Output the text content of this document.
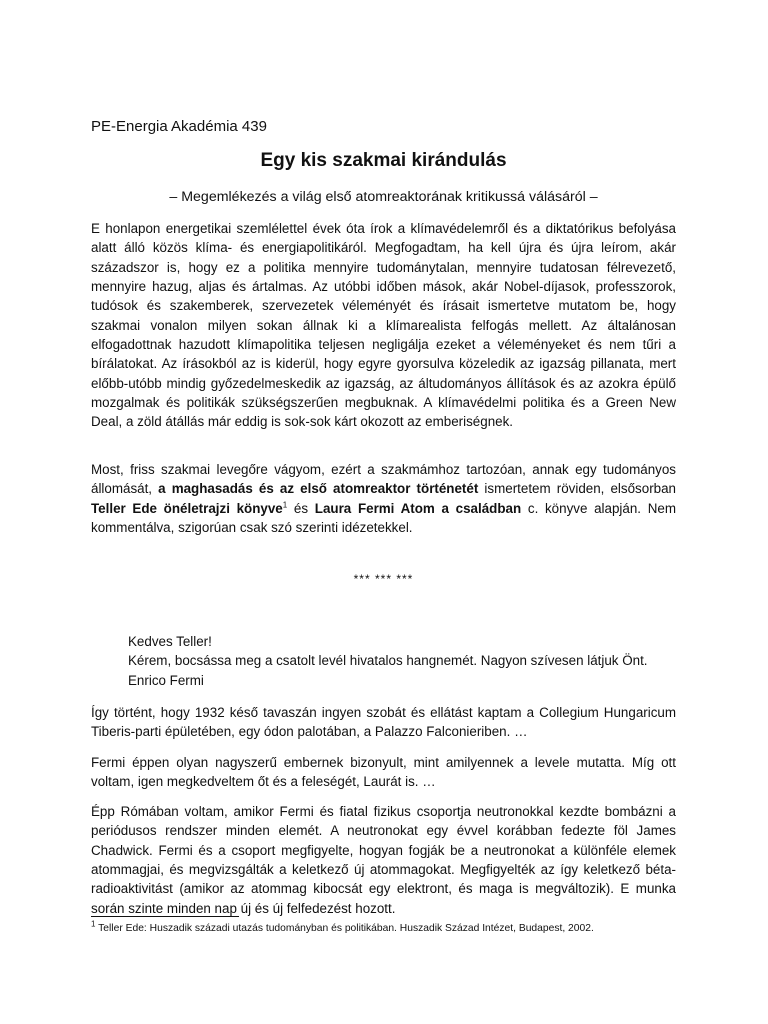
PE-Energia Akadémia 439

Egy kis szakmai kirándulás

– Megemlékezés a világ első atomreaktorának kritikussá válásáról –

E honlapon energetikai szemlélettel évek óta írok a klímavédelemről és a diktatórikus befolyása alatt álló közös klíma- és energiapolitikáról. Megfogadtam, ha kell újra és újra leírom, akár századszor is, hogy ez a politika mennyire tudománytalan, mennyire tudatosan félrevezető, mennyire hazug, aljas és ártalmas. Az utóbbi időben mások, akár Nobel-díjasok, professzorok, tudósok és szakemberek, szervezetek véleményét és írásait ismertetve mutatom be, hogy szakmai vonalon milyen sokan állnak ki a klímarealista felfogás mellett. Az általánosan elfogadottnak hazudott klímapolitika teljesen negligálja ezeket a véleményeket és nem tűri a bírálatokat. Az írásokból az is kiderül, hogy egyre gyorsulva közeledik az igazság pillanata, mert előbb-utóbb mindig győzedelmeskedik az igazság, az áltudományos állítások és az azokra épülő mozgalmak és politikák szükségszerűen megbuknak. A klímavédelmi politika és a Green New Deal, a zöld átállás már eddig is sok-sok kárt okozott az emberiségnek.

Most, friss szakmai levegőre vágyom, ezért a szakmámhoz tartozóan, annak egy tudományos állomását, a maghasadás és az első atomreaktor történetét ismertetem röviden, elsősorban Teller Ede önéletrajzi könyve$^1$ és Laura Fermi Atom a családban c. könyve alapján. Nem kommentálva, szigorúan csak szó szerinti idézetekkel.

*** *** ***

Kedves Teller!
Kérem, bocsássa meg a csatolt levél hivatalos hangnemét. Nagyon szívesen látjuk Önt.
Enrico Fermi

Így történt, hogy 1932 késő tavaszán ingyen szobát és ellátást kaptam a Collegium Hungaricum Tiberis-parti épületében, egy ódon palotában, a Palazzo Falconieriben. …

Fermi éppen olyan nagyszerű embernek bizonyult, mint amilyennek a levele mutatta. Míg ott voltam, igen megkedveltem őt és a feleségét, Laurát is. …

Épp Rómában voltam, amikor Fermi és fiatal fizikus csoportja neutronokkal kezdte bombázni a periódusos rendszer minden elemét. A neutronokat egy évvel korábban fedezte föl James Chadwick. Fermi és a csoport megfigyelte, hogyan fogják be a neutronokat a különféle elemek atommagjai, és megvizsgálták a keletkező új atommagokat. Megfigyelték az így keletkező béta-radioaktivitást (amikor az atommag kibocsát egy elektront, és maga is megváltozik). E munka során szinte minden nap új és új felfedezést hozott.

$^1$ Teller Ede: Huszadik századi utazás tudományban és politikában. Huszadik Század Intézet, Budapest, 2002.
